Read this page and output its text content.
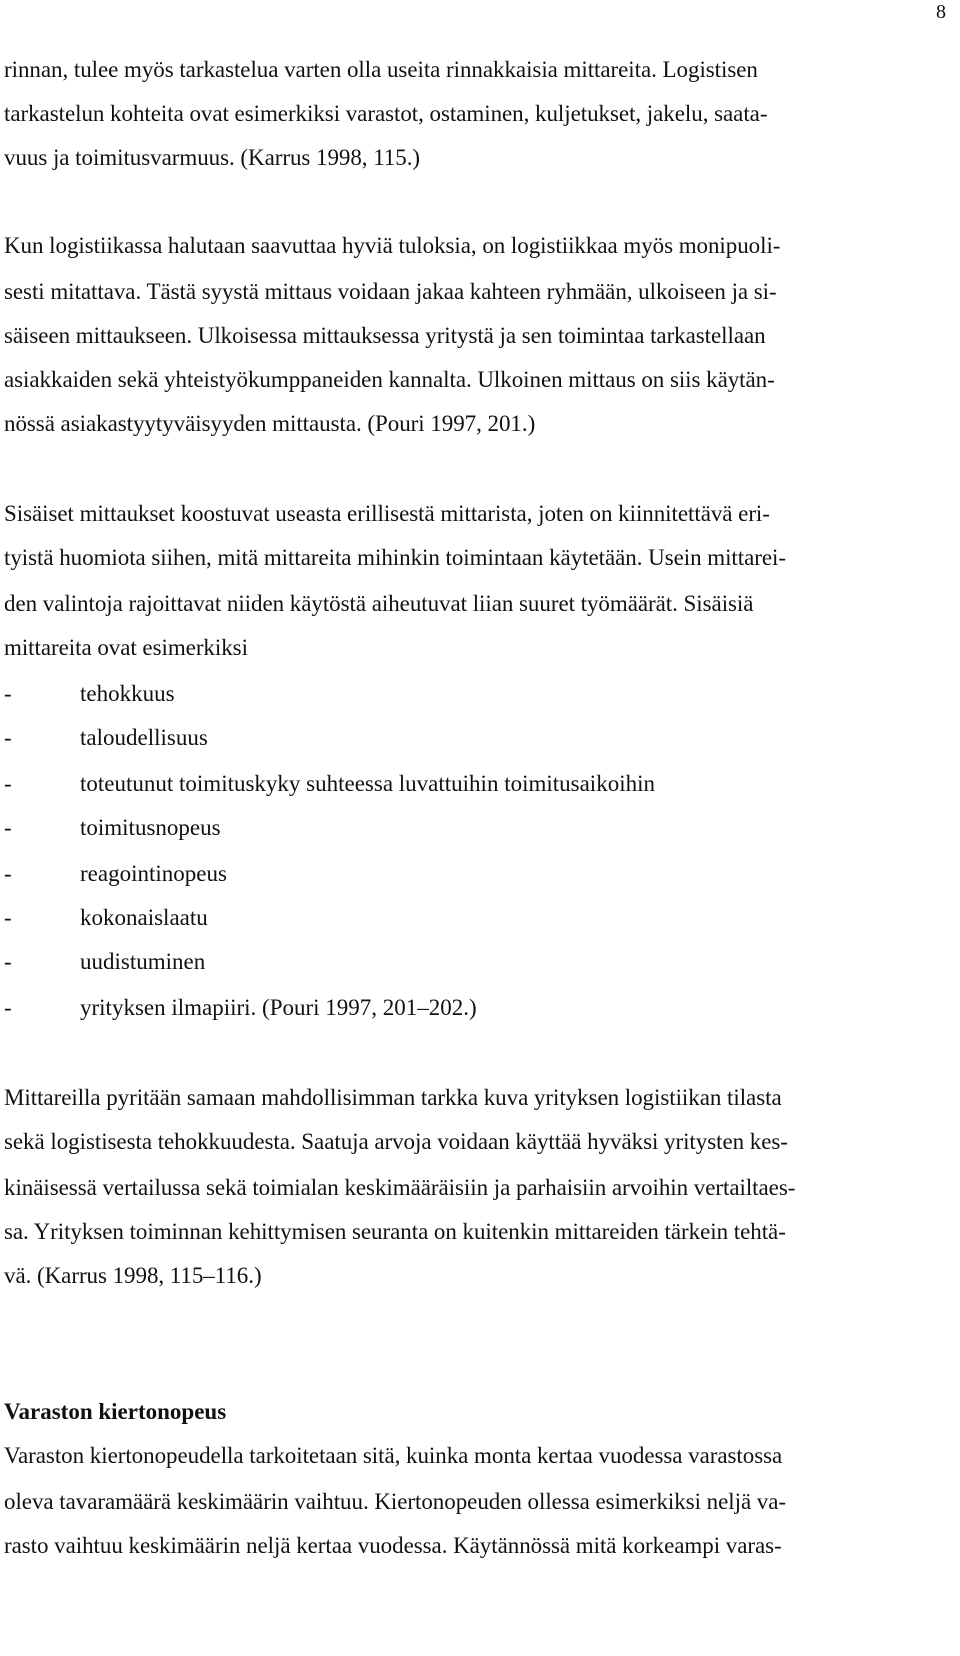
8
rinnan, tulee myös tarkastelua varten olla useita rinnakkaisia mittareita. Logistisen
tarkastelun kohteita ovat esimerkiksi varastot, ostaminen, kuljetukset, jakelu, saata-
vuus ja toimitusvarmuus. (Karrus 1998, 115.)
Kun logistiikassa halutaan saavuttaa hyviä tuloksia, on logistiikkaa myös monipuoli-
sesti mitattava. Tästä syystä mittaus voidaan jakaa kahteen ryhmään, ulkoiseen ja si-
säiseen mittaukseen. Ulkoisessa mittauksessa yritystä ja sen toimintaa tarkastellaan
asiakkaiden sekä yhteistyökumppaneiden kannalta. Ulkoinen mittaus on siis käytän-
nössä asiakastyytyväisyyden mittausta. (Pouri 1997, 201.)
Sisäiset mittaukset koostuvat useasta erillisestä mittarista, joten on kiinnitettävä eri-
tyistä huomiota siihen, mitä mittareita mihinkin toimintaan käytetään. Usein mittarei-
den valintoja rajoittavat niiden käytöstä aiheutuvat liian suuret työmäärät. Sisäisiä
mittareita ovat esimerkiksi
-	tehokkuus
-	taloudellisuus
-	toteutunut toimituskyky suhteessa luvattuihin toimitusaikoihin
-	toimitusnopeus
-	reagointinopeus
-	kokonaislaatu
-	uudistuminen
-	yrityksen ilmapiiri. (Pouri 1997, 201–202.)
Mittareilla pyritään samaan mahdollisimman tarkka kuva yrityksen logistiikan tilasta
sekä logistisesta tehokkuudesta. Saatuja arvoja voidaan käyttää hyväksi yritysten kes-
kinäisessä vertailussa sekä toimialan keskimääräisiin ja parhaisiin arvoihin vertailtaes-
sa. Yrityksen toiminnan kehittymisen seuranta on kuitenkin mittareiden tärkein tehtä-
vä. (Karrus 1998, 115–116.)
Varaston kiertonopeus
Varaston kiertonopeudella tarkoitetaan sitä, kuinka monta kertaa vuodessa varastossa
oleva tavaramäärä keskimäärin vaihtuu. Kiertonopeuden ollessa esimerkiksi neljä va-
rasto vaihtuu keskimäärin neljä kertaa vuodessa. Käytännössä mitä korkeampi varas-
